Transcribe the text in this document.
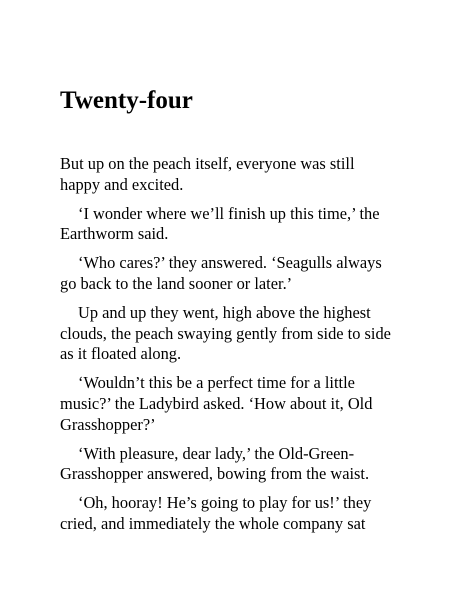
Twenty-four

But up on the peach itself, everyone was still
happy and excited.

‘I wonder where we’ll finish up this time,’ the
Earthworm said.

‘Who cares?’ they answered. ‘Seagulls always
go back to the land sooner or later.’

Up and up they went, high above the highest
clouds, the peach swaying gently from side to side
as it floated along.

‘Wouldn’t this be a perfect time for a little
music?’ the Ladybird asked. ‘How about it, Old
Grasshopper?’

‘With pleasure, dear lady,’ the Old-Green-
Grasshopper answered, bowing from the waist.

‘Oh, hooray! He’s going to play for us!’ they
cried, and immediately the whole company sat
